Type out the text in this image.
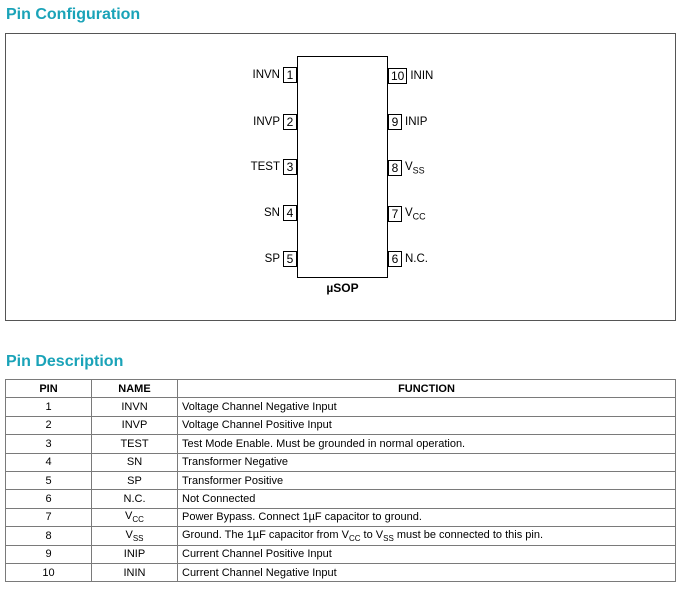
Pin Configuration
INVN 1
INVP 2
TEST 3
SN 4
SP 5
10 ININ
9 INIP
8 $V_{SS}$
7 $V_{CC}$
6 N.C.
µSOP
Pin Description
PIN	NAME	FUNCTION
1	INVN	Voltage Channel Negative Input
2	INVP	Voltage Channel Positive Input
3	TEST	Test Mode Enable. Must be grounded in normal operation.
4	SN	Transformer Negative
5	SP	Transformer Positive
6	N.C.	Not Connected
7	$V_{CC}$	Power Bypass. Connect 1µF capacitor to ground.
8	$V_{SS}$	Ground. The 1µF capacitor from $V_{CC}$ to $V_{SS}$ must be connected to this pin.
9	INIP	Current Channel Positive Input
10	ININ	Current Channel Negative Input
